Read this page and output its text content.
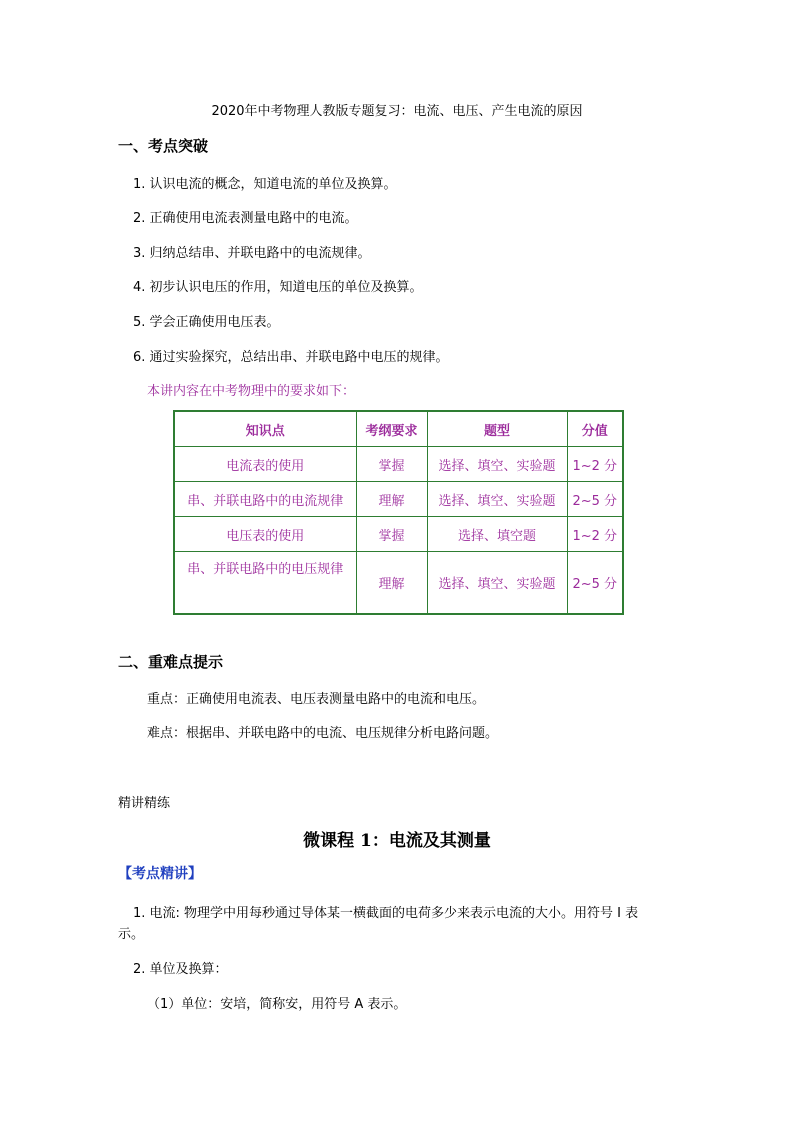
2020年中考物理人教版专题复习：电流、电压、产生电流的原因
一、考点突破
1. 认识电流的概念，知道电流的单位及换算。
2. 正确使用电流表测量电路中的电流。
3. 归纳总结串、并联电路中的电流规律。
4. 初步认识电压的作用，知道电压的单位及换算。
5. 学会正确使用电压表。
6. 通过实验探究，总结出串、并联电路中电压的规律。
本讲内容在中考物理中的要求如下：
知识点	考纲要求	题型	分值
电流表的使用	掌握	选择、填空、实验题	1~2 分
串、并联电路中的电流规律	理解	选择、填空、实验题	2~5 分
电压表的使用	掌握	选择、填空题	1~2 分
串、并联电路中的电压规律	理解	选择、填空、实验题	2~5 分
二、重难点提示
重点：正确使用电流表、电压表测量电路中的电流和电压。
难点：根据串、并联电路中的电流、电压规律分析电路问题。
精讲精练
微课程 1：电流及其测量
【考点精讲】
1. 电流: 物理学中用每秒通过导体某一横截面的电荷多少来表示电流的大小。用符号 I 表
示。
2. 单位及换算：
（1）单位：安培，简称安，用符号 A 表示。
